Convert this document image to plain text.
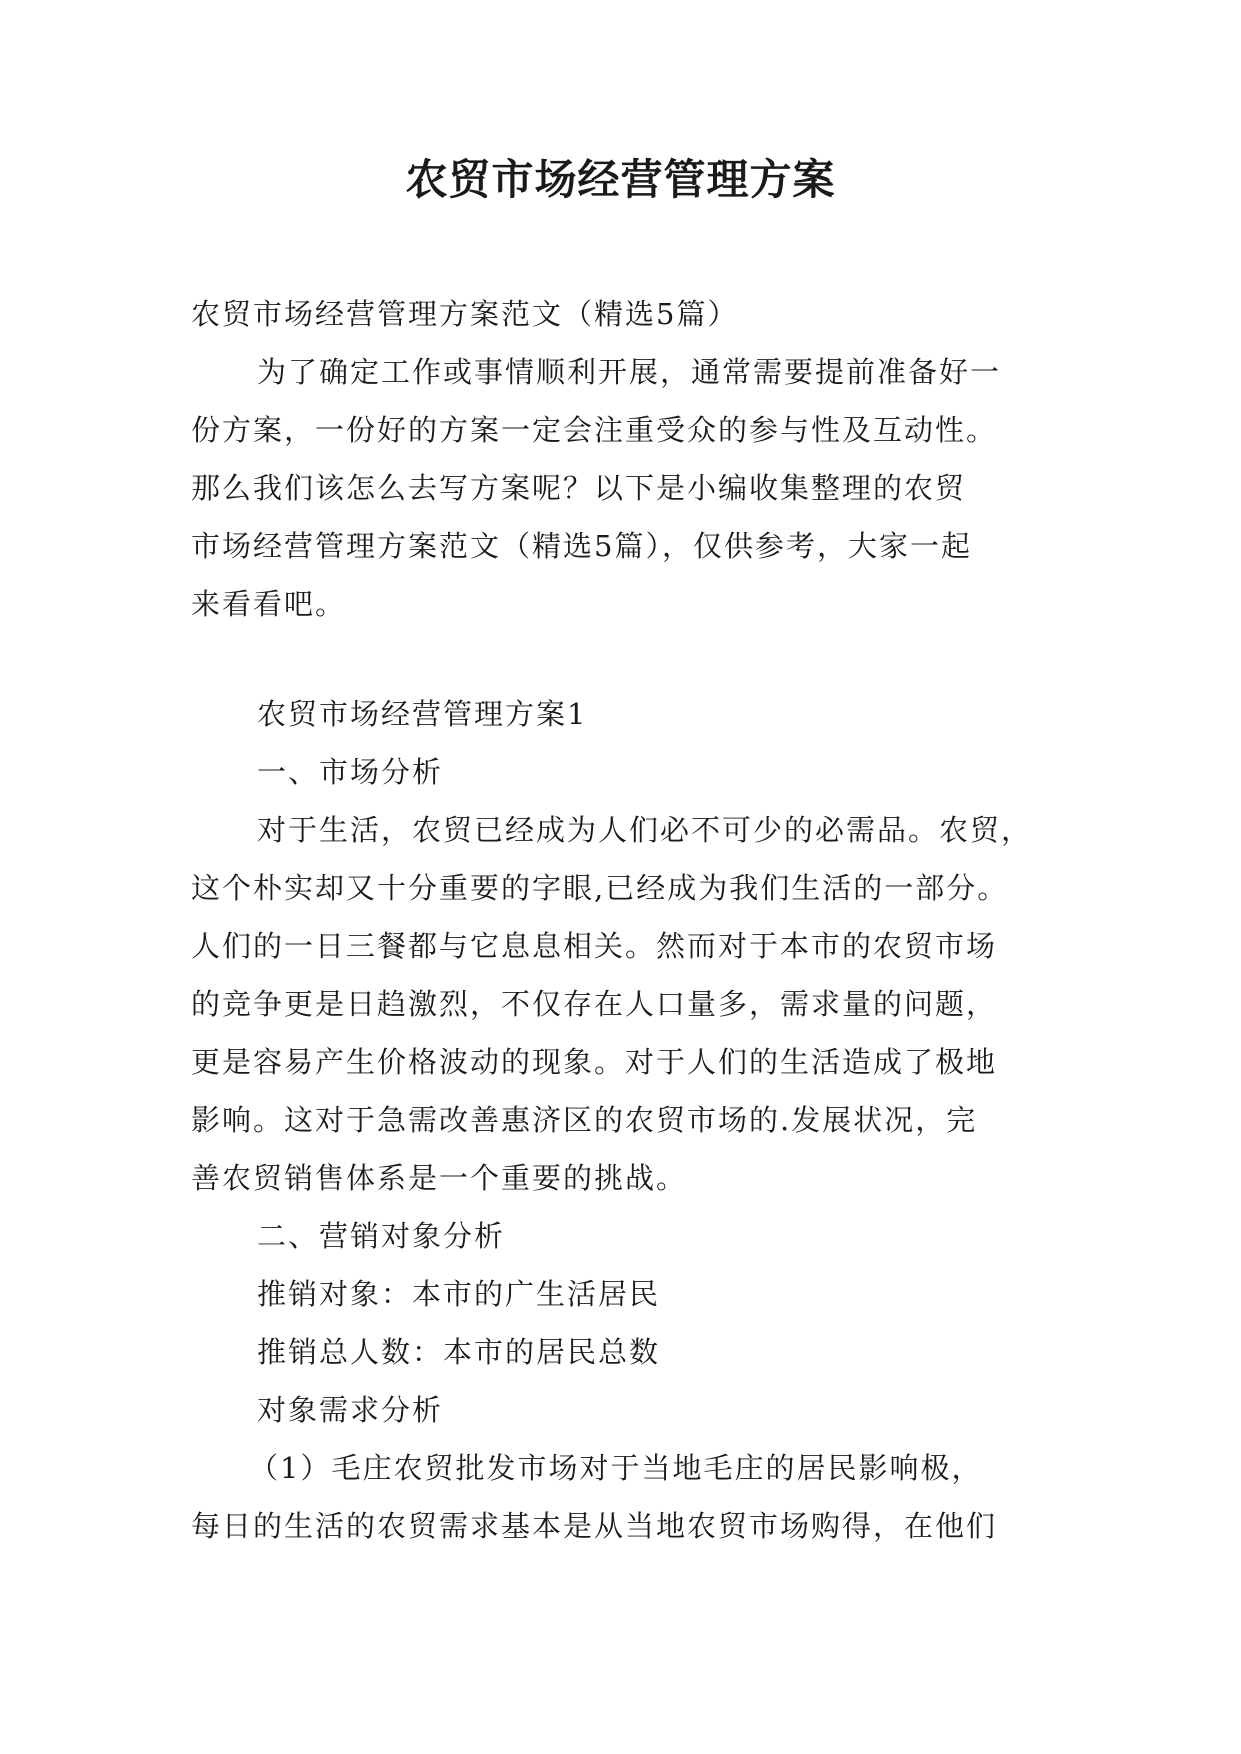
农贸市场经营管理方案
农贸市场经营管理方案范文（精选5篇）
为了确定工作或事情顺利开展，通常需要提前准备好一
份方案，一份好的方案一定会注重受众的参与性及互动性。
那么我们该怎么去写方案呢？以下是小编收集整理的农贸
市场经营管理方案范文（精选5篇），仅供参考，大家一起
来看看吧。
农贸市场经营管理方案1
一、市场分析
对于生活，农贸已经成为人们必不可少的必需品。农贸，
这个朴实却又十分重要的字眼,已经成为我们生活的一部分。
人们的一日三餐都与它息息相关。然而对于本市的农贸市场
的竞争更是日趋激烈，不仅存在人口量多，需求量的问题，
更是容易产生价格波动的现象。对于人们的生活造成了极地
影响。这对于急需改善惠济区的农贸市场的.发展状况，完
善农贸销售体系是一个重要的挑战。
二、营销对象分析
推销对象：本市的广生活居民
推销总人数：本市的居民总数
对象需求分析
（1）毛庄农贸批发市场对于当地毛庄的居民影响极，
每日的生活的农贸需求基本是从当地农贸市场购得，在他们
